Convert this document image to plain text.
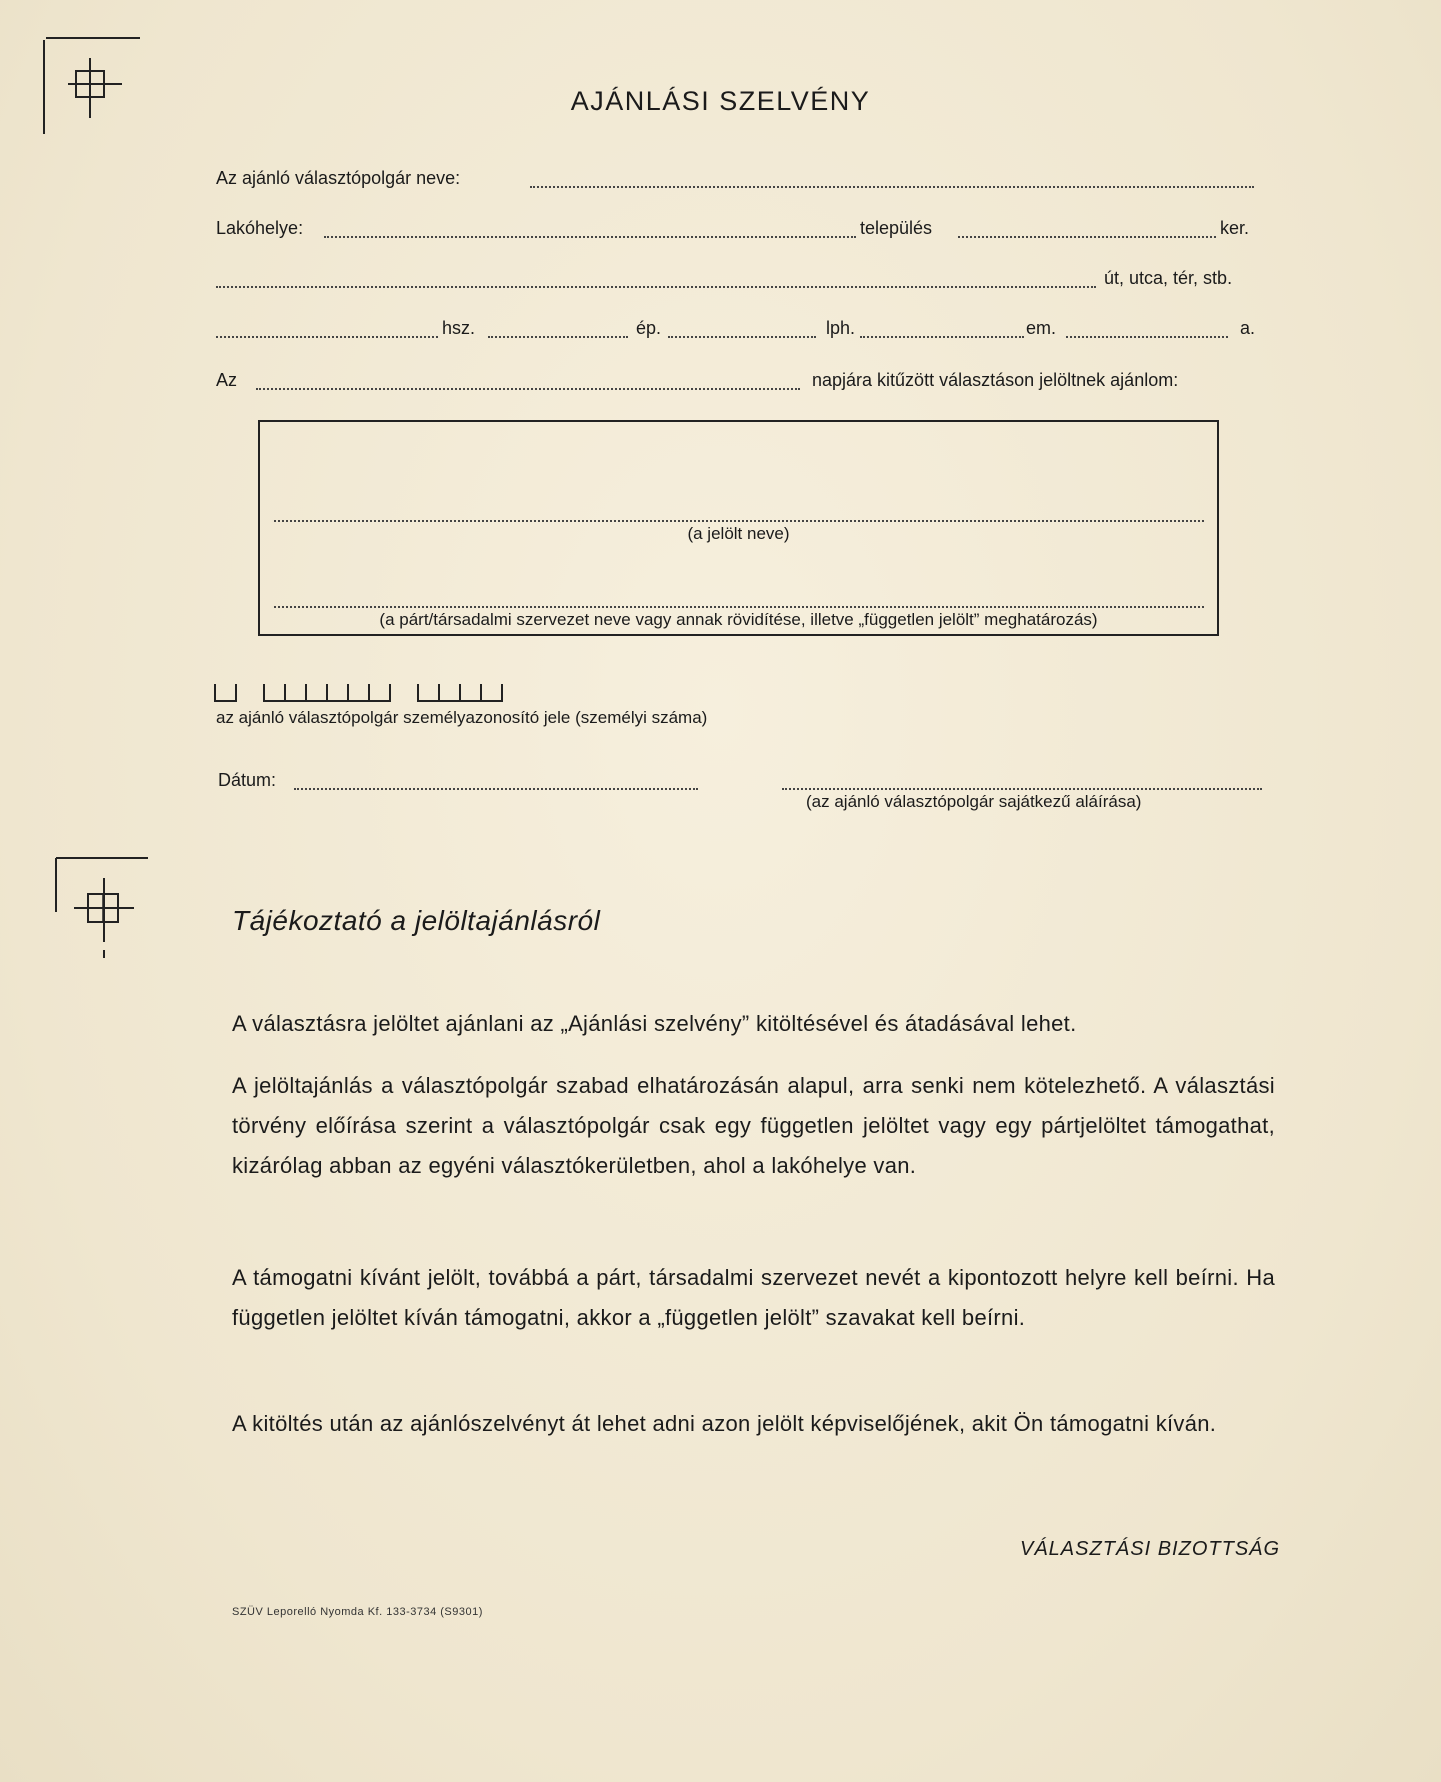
AJÁNLÁSI SZELVÉNY
Az ajánló választópolgár neve:
Lakóhelye:	település	ker.
út, utca, tér, stb.
hsz.	ép.	lph.	em.	a.
Az	napjára kitűzött választáson jelöltnek ajánlom:
(a jelölt neve)
(a párt/társadalmi szervezet neve vagy annak rövidítése, illetve „független jelölt” meghatározás)
az ajánló választópolgár személyazonosító jele (személyi száma)
Dátum:
(az ajánló választópolgár sajátkezű aláírása)
Tájékoztató a jelöltajánlásról
A választásra jelöltet ajánlani az „Ajánlási szelvény” kitöltésével és átadásával lehet.
A jelöltajánlás a választópolgár szabad elhatározásán alapul, arra senki nem kötelezhető. A választási törvény előírása szerint a választópolgár csak egy független jelöltet vagy egy pártjelöltet támogathat, kizárólag abban az egyéni választókerületben, ahol a lakóhelye van.
A támogatni kívánt jelölt, továbbá a párt, társadalmi szervezet nevét a kipontozott helyre kell beírni. Ha független jelöltet kíván támogatni, akkor a „független jelölt” szavakat kell beírni.
A kitöltés után az ajánlószelvényt át lehet adni azon jelölt képviselőjének, akit Ön támogatni kíván.
VÁLASZTÁSI BIZOTTSÁG
SZÜV Leporelló Nyomda Kf. 133-3734 (S9301)
